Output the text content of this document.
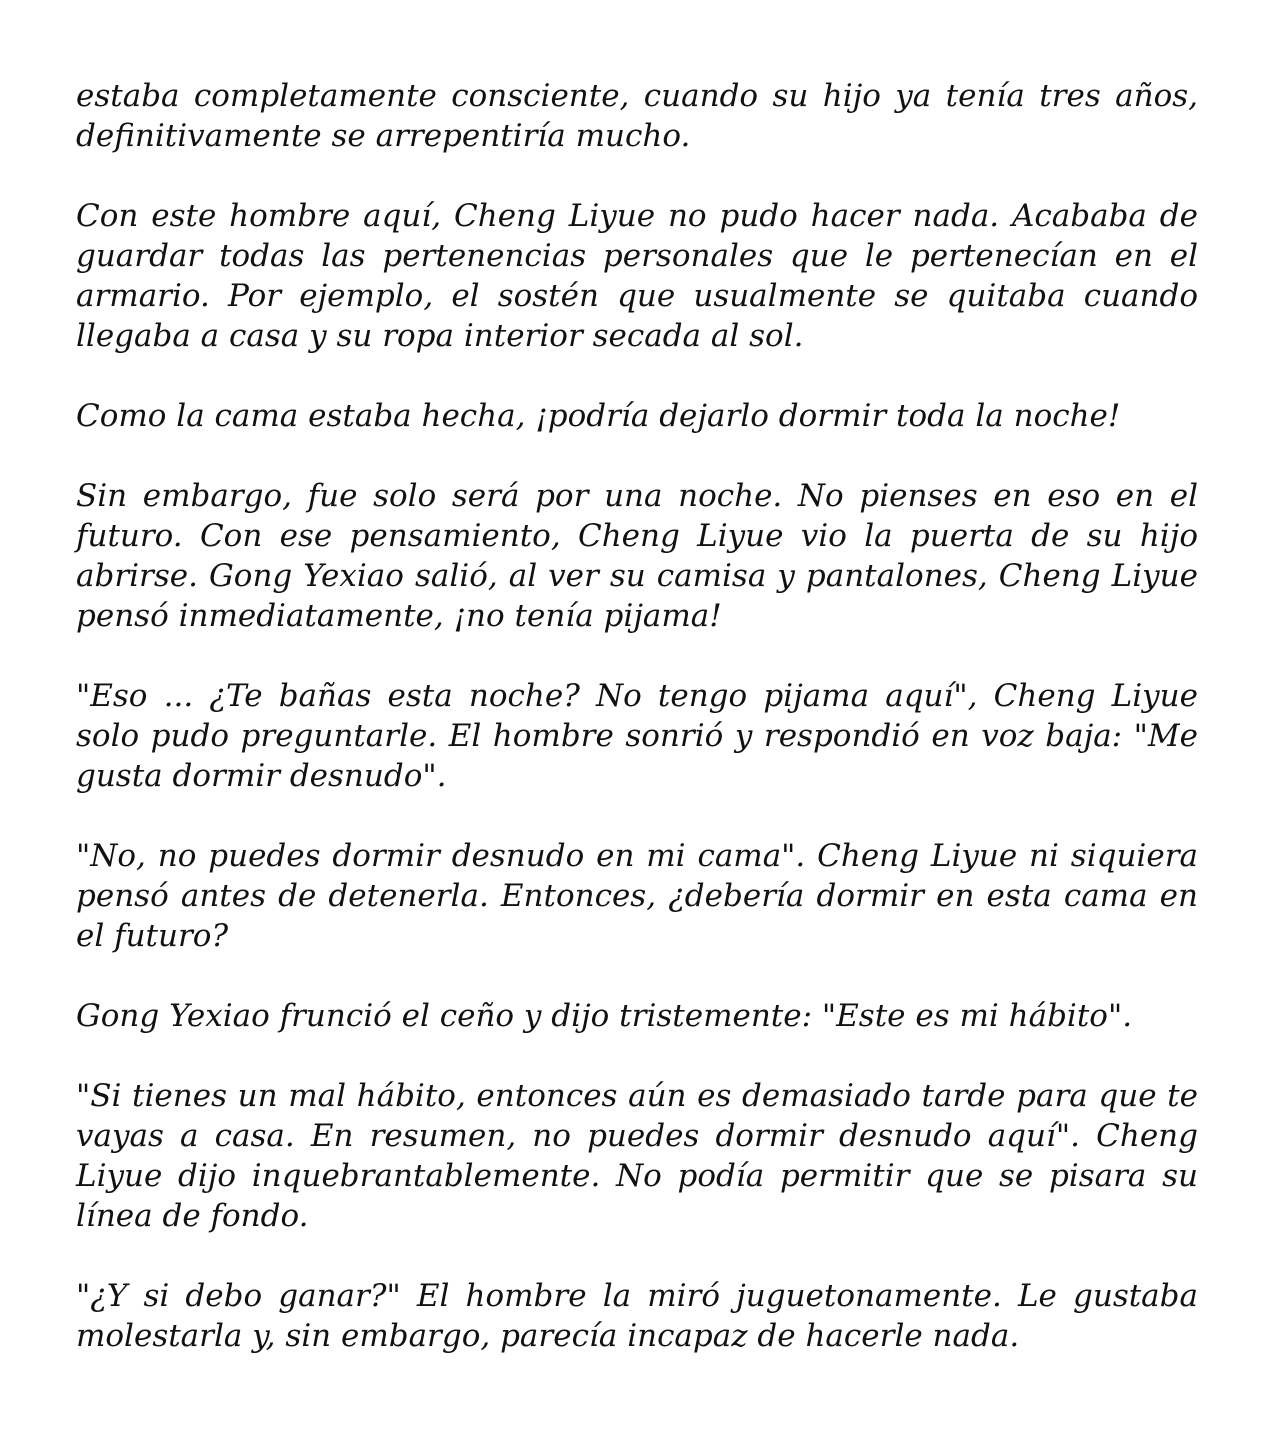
estaba completamente consciente, cuando su hijo ya tenía tres años, definitivamente se arrepentiría mucho.

Con este hombre aquí, Cheng Liyue no pudo hacer nada. Acababa de guardar todas las pertenencias personales que le pertenecían en el armario. Por ejemplo, el sostén que usualmente se quitaba cuando llegaba a casa y su ropa interior secada al sol.

Como la cama estaba hecha, ¡podría dejarlo dormir toda la noche!

Sin embargo, fue solo será por una noche. No pienses en eso en el futuro. Con ese pensamiento, Cheng Liyue vio la puerta de su hijo abrirse. Gong Yexiao salió, al ver su camisa y pantalones, Cheng Liyue pensó inmediatamente, ¡no tenía pijama!

"Eso ... ¿Te bañas esta noche? No tengo pijama aquí", Cheng Liyue solo pudo preguntarle. El hombre sonrió y respondió en voz baja: "Me gusta dormir desnudo".

"No, no puedes dormir desnudo en mi cama". Cheng Liyue ni siquiera pensó antes de detenerla. Entonces, ¿debería dormir en esta cama en el futuro?

Gong Yexiao frunció el ceño y dijo tristemente: "Este es mi hábito".

"Si tienes un mal hábito, entonces aún es demasiado tarde para que te vayas a casa. En resumen, no puedes dormir desnudo aquí". Cheng Liyue dijo inquebrantablemente. No podía permitir que se pisara su línea de fondo.

"¿Y si debo ganar?" El hombre la miró juguetonamente. Le gustaba molestarla y, sin embargo, parecía incapaz de hacerle nada.
